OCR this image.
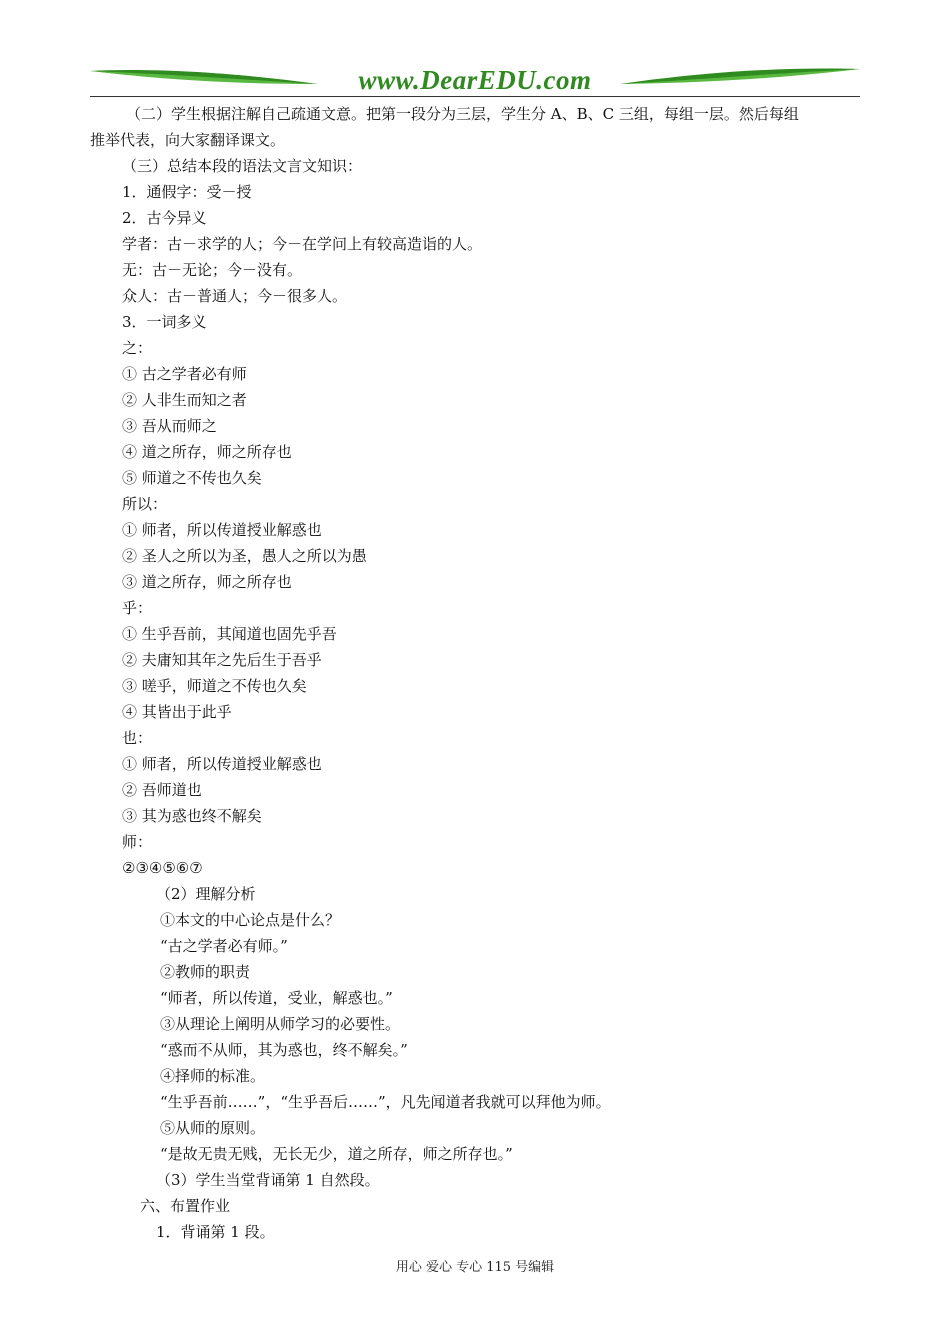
www.DearEDU.com
（二）学生根据注解自己疏通文意。把第一段分为三层，学生分 A、B、C 三组，每组一层。然后每组
推举代表，向大家翻译课文。
（三）总结本段的语法文言文知识：
1．通假字：受－授
2．古今异义
学者：古－求学的人；今－在学问上有较高造诣的人。
无：古－无论；今－没有。
众人：古－普通人；今－很多人。
3．一词多义
之：
① 古之学者必有师
② 人非生而知之者
③ 吾从而师之
④ 道之所存，师之所存也
⑤ 师道之不传也久矣
所以：
① 师者，所以传道授业解惑也
② 圣人之所以为圣，愚人之所以为愚
③ 道之所存，师之所存也
乎：
① 生乎吾前，其闻道也固先乎吾
② 夫庸知其年之先后生于吾乎
③ 嗟乎，师道之不传也久矣
④ 其皆出于此乎
也：
① 师者，所以传道授业解惑也
② 吾师道也
③ 其为惑也终不解矣
师：
②③④⑤⑥⑦
（2）理解分析
①本文的中心论点是什么？
“古之学者必有师。”
②教师的职责
“师者，所以传道，受业，解惑也。”
③从理论上阐明从师学习的必要性。
“惑而不从师，其为惑也，终不解矣。”
④择师的标准。
“生乎吾前……”，“生乎吾后……”，凡先闻道者我就可以拜他为师。
⑤从师的原则。
“是故无贵无贱，无长无少，道之所存，师之所存也。”
（3）学生当堂背诵第 1 自然段。
六、布置作业
1．背诵第 1 段。
用心 爱心 专心 115 号编辑
